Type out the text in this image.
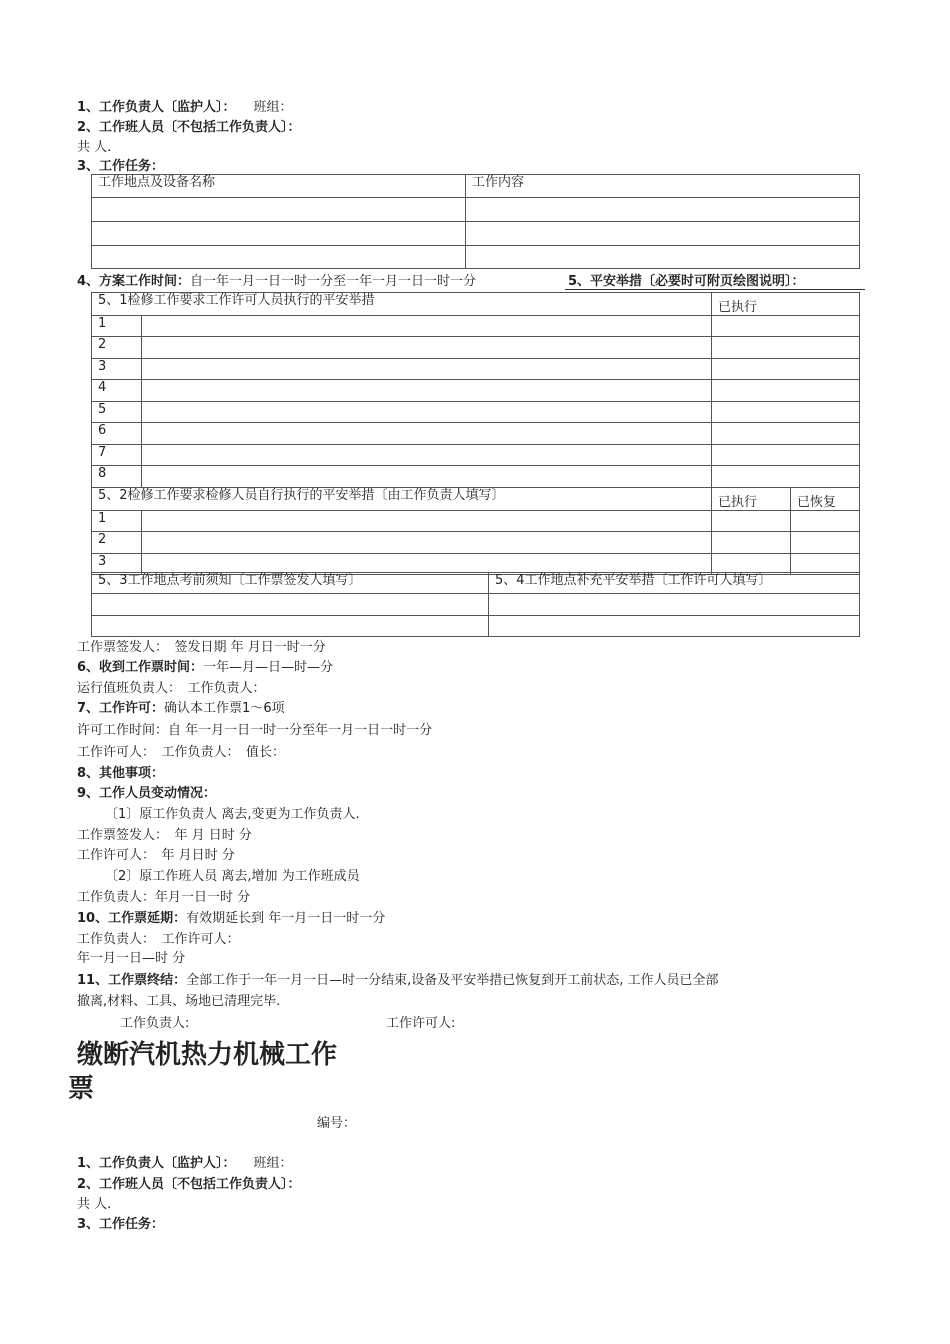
1、工作负责人〔监护人〕： 班组：
2、工作班人员〔不包括工作负责人〕：
共 人.
3、工作任务：
工作地点及设备名称	工作内容

4、方案工作时间：自一年一月一日一时一分至一年一月一日一时一分	5、平安举措〔必要时可附页绘图说明〕：
5、1检修工作要求工作许可人员执行的平安举措		已执行
1		
2		
3		
4		
5		
6		
7		
8		
5、2检修工作要求检修人员自行执行的平安举措〔由工作负责人填写〕		已执行	已恢复
1			
2			
3			
5、3工作地点考前须知〔工作票签发人填写〕	5、4工作地点补充平安举措〔工作许可人填写〕

工作票签发人：　签发日期 年 月日一时一分
6、收到工作票时间：一年—月—日—时—分
运行值班负责人：　工作负责人：
7、工作许可：确认本工作票1〜6项
许可工作时间：自 年一月一日一时一分至年一月一日一时一分
工作许可人：　工作负责人：　值长：
8、其他事项：
9、工作人员变动情况：
〔1〕原工作负责人 离去,变更为工作负责人.
工作票签发人：　年 月 日时 分
工作许可人：　年 月日时 分
〔2〕原工作班人员 离去,增加 为工作班成员
工作负责人：年月一日一时 分
10、工作票延期：有效期延长到 年一月一日一时一分
工作负责人：　工作许可人：
年一月一日—时 分
11、工作票终结：全部工作于一年一月一日—时一分结束,设备及平安举措已恢复到开工前状态, 工作人员已全部
撤离,材料、工具、场地已清理完毕.
工作负责人:	工作许可人:
缴断汽机热力机械工作
票
编号：
1、工作负责人〔监护人〕： 班组：
2、工作班人员〔不包括工作负责人〕：
共 人.
3、工作任务：
